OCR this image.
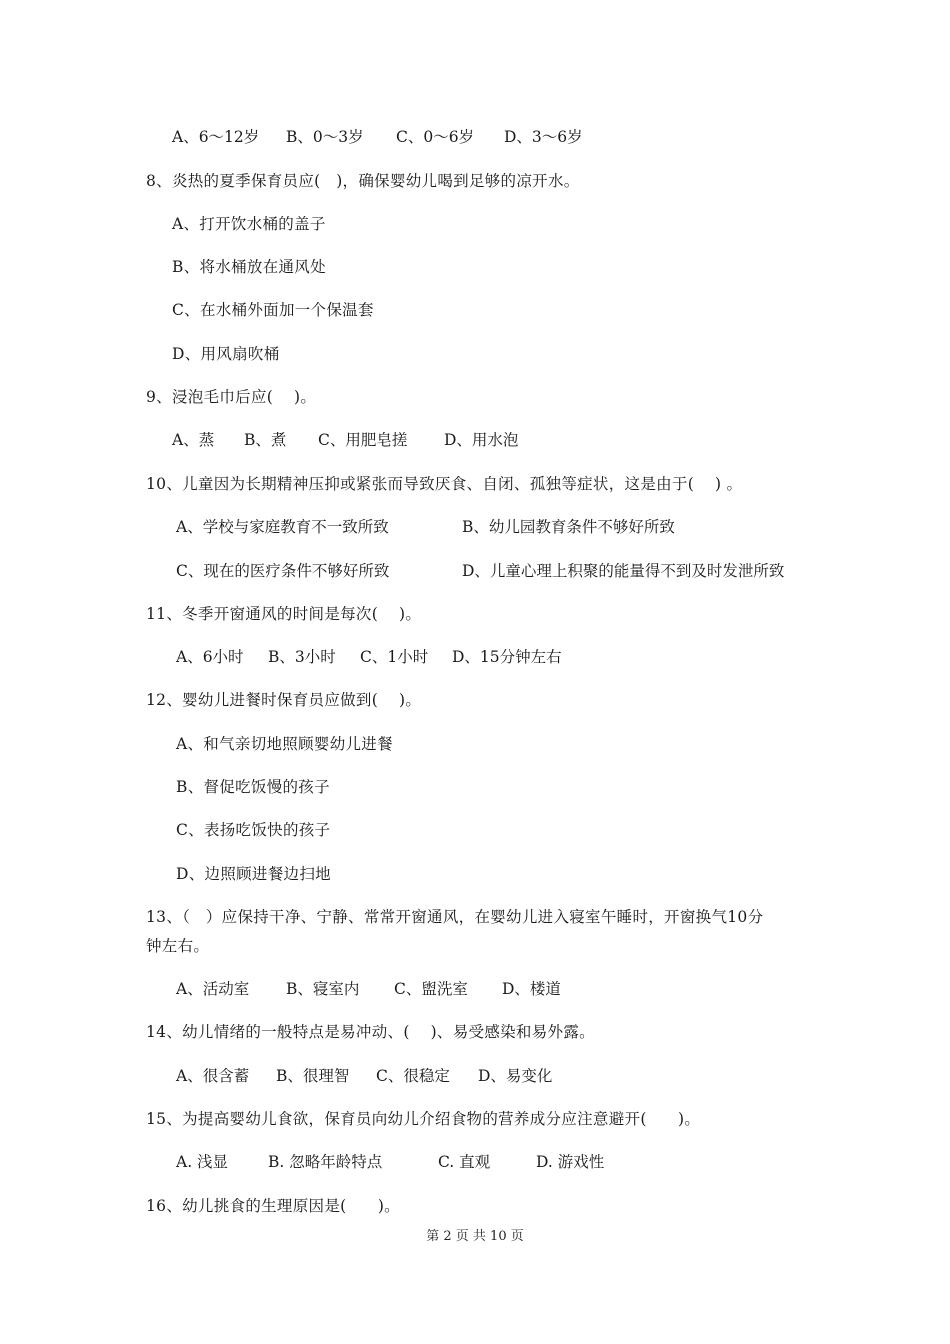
A、6～12岁

B、0～3岁

C、0～6岁

D、3～6岁

8、炎热的夏季保育员应(   )，确保婴幼儿喝到足够的凉开水。
A、打开饮水桶的盖子
B、将水桶放在通风处
C、在水桶外面加一个保温套
D、用风扇吹桶
9、浸泡毛巾后应(    )。

A、蒸

B、煮

C、用肥皂搓

D、用水泡

10、儿童因为长期精神压抑或紧张而导致厌食、自闭、孤独等症状，这是由于(    ) 。

A、学校与家庭教育不一致所致

	B、幼儿园教育条件不够好所致

C、现在的医疗条件不够好所致

	D、儿童心理上积聚的能量得不到及时发泄所致

11、冬季开窗通风的时间是每次(    )。

A、6小时

B、3小时

C、1小时

D、15分钟左右

12、婴幼儿进餐时保育员应做到(    )。
A、和气亲切地照顾婴幼儿进餐
B、督促吃饭慢的孩子
C、表扬吃饭快的孩子
D、边照顾进餐边扫地
13、（   ）应保持干净、宁静、常常开窗通风，在婴幼儿进入寝室午睡时，开窗换气10分
钟左右。

A、活动室

B、寝室内

C、盥洗室

D、楼道

14、幼儿情绪的一般特点是易冲动、(    )、易受感染和易外露。

A、很含蓄

B、很理智

C、很稳定

D、易变化

15、为提高婴幼儿食欲，保育员向幼儿介绍食物的营养成分应注意避开(      )。

A. 浅显

	B. 忽略年龄特点

	C. 直观

	D. 游戏性

16、幼儿挑食的生理原因是(      )。
第 2 页 共 10 页
